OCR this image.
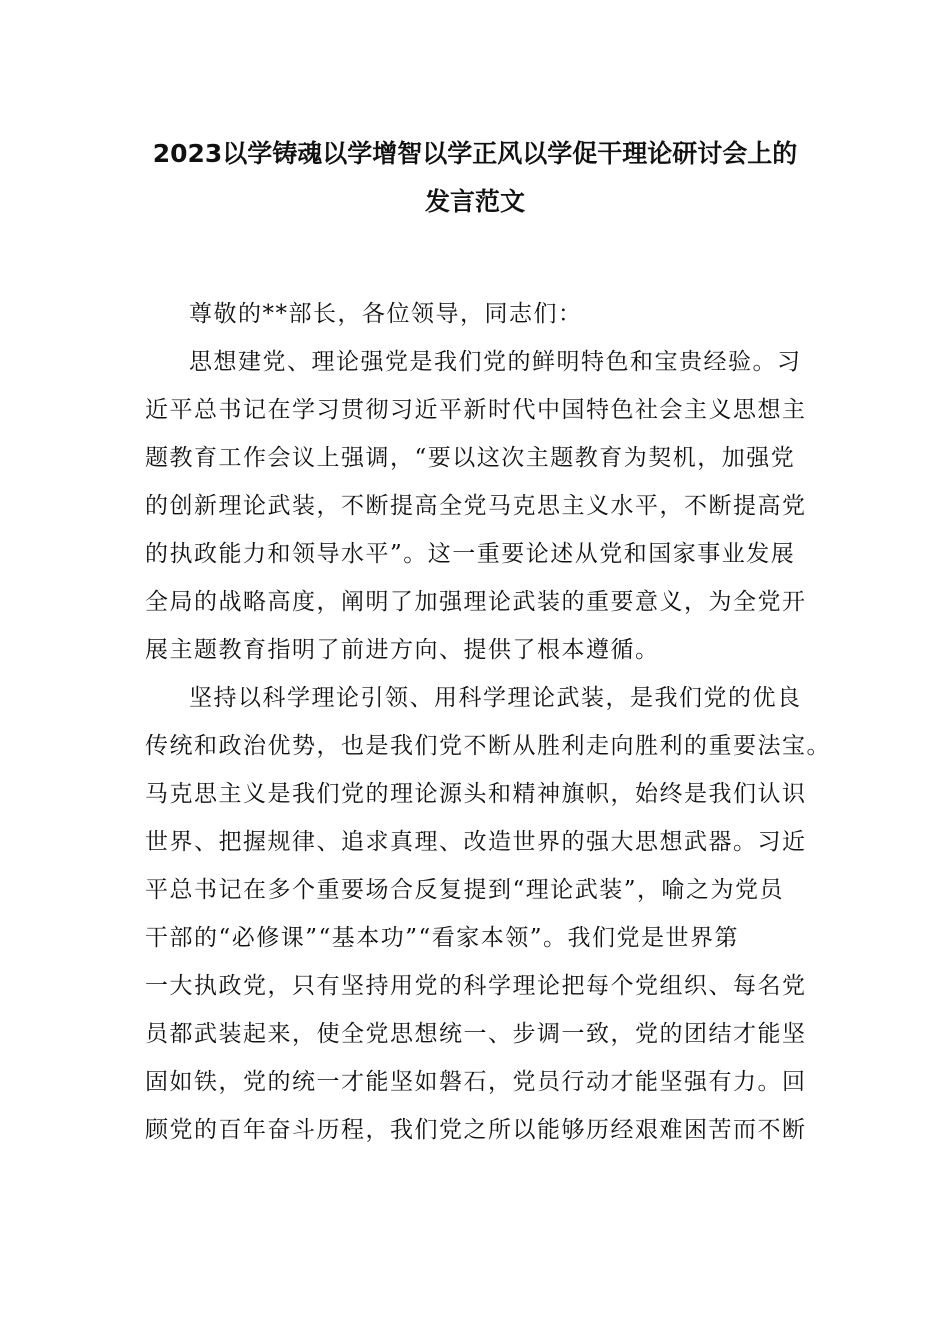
2023以学铸魂以学增智以学正风以学促干理论研讨会上的
发言范文
尊敬的**部长，各位领导，同志们：
思想建党、理论强党是我们党的鲜明特色和宝贵经验。习
近平总书记在学习贯彻习近平新时代中国特色社会主义思想主
题教育工作会议上强调，“要以这次主题教育为契机，加强党
的创新理论武装，不断提高全党马克思主义水平，不断提高党
的执政能力和领导水平”。这一重要论述从党和国家事业发展
全局的战略高度，阐明了加强理论武装的重要意义，为全党开
展主题教育指明了前进方向、提供了根本遵循。
坚持以科学理论引领、用科学理论武装，是我们党的优良
传统和政治优势，也是我们党不断从胜利走向胜利的重要法宝。
马克思主义是我们党的理论源头和精神旗帜，始终是我们认识
世界、把握规律、追求真理、改造世界的强大思想武器。习近
平总书记在多个重要场合反复提到“理论武装”，喻之为党员
干部的“必修课”“基本功”“看家本领”。我们党是世界第
一大执政党，只有坚持用党的科学理论把每个党组织、每名党
员都武装起来，使全党思想统一、步调一致，党的团结才能坚
固如铁，党的统一才能坚如磐石，党员行动才能坚强有力。回
顾党的百年奋斗历程，我们党之所以能够历经艰难困苦而不断
